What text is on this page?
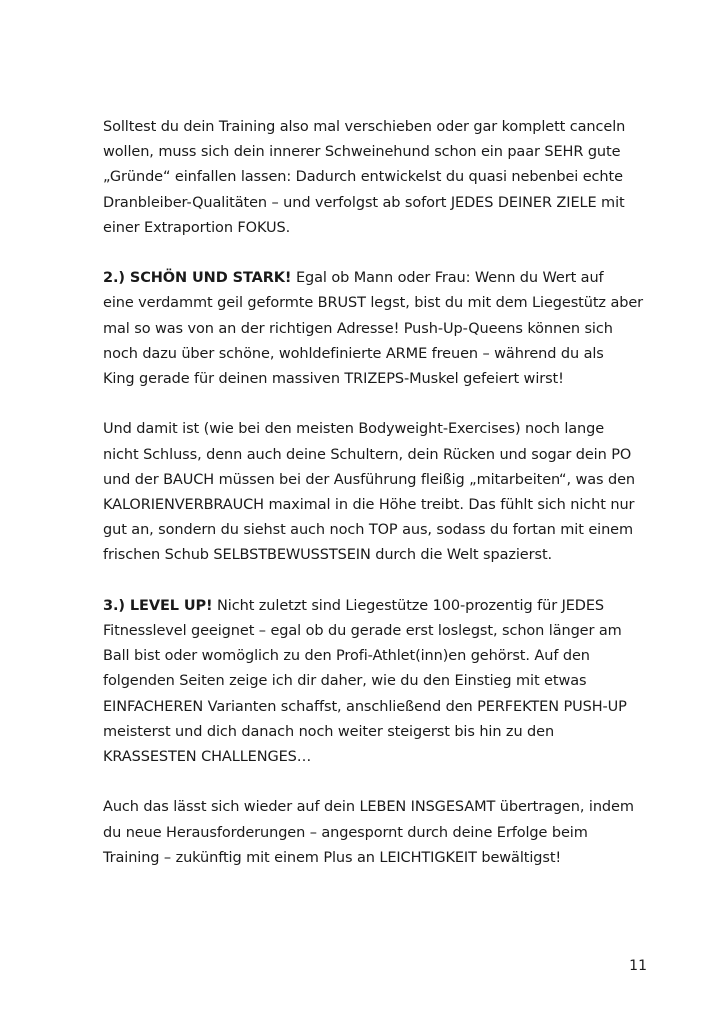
Solltest du dein Training also mal verschieben oder gar komplett canceln
wollen, muss sich dein innerer Schweinehund schon ein paar SEHR gute
„Gründe“ einfallen lassen: Dadurch entwickelst du quasi nebenbei echte
Dranbleiber-Qualitäten – und verfolgst ab sofort JEDES DEINER ZIELE mit
einer Extraportion FOKUS.

2.) SCHÖN UND STARK! Egal ob Mann oder Frau: Wenn du Wert auf
eine verdammt geil geformte BRUST legst, bist du mit dem Liegestütz aber
mal so was von an der richtigen Adresse! Push-Up-Queens können sich
noch dazu über schöne, wohldefinierte ARME freuen – während du als
King gerade für deinen massiven TRIZEPS-Muskel gefeiert wirst!

Und damit ist (wie bei den meisten Bodyweight-Exercises) noch lange
nicht Schluss, denn auch deine Schultern, dein Rücken und sogar dein PO
und der BAUCH müssen bei der Ausführung fleißig „mitarbeiten“, was den
KALORIENVERBRAUCH maximal in die Höhe treibt. Das fühlt sich nicht nur
gut an, sondern du siehst auch noch TOP aus, sodass du fortan mit einem
frischen Schub SELBSTBEWUSSTSEIN durch die Welt spazierst.

3.) LEVEL UP! Nicht zuletzt sind Liegestütze 100-prozentig für JEDES
Fitnesslevel geeignet – egal ob du gerade erst loslegst, schon länger am
Ball bist oder womöglich zu den Profi-Athlet(inn)en gehörst. Auf den
folgenden Seiten zeige ich dir daher, wie du den Einstieg mit etwas
EINFACHEREN Varianten schaffst, anschließend den PERFEKTEN PUSH-UP
meisterst und dich danach noch weiter steigerst bis hin zu den
KRASSESTEN CHALLENGES…

Auch das lässt sich wieder auf dein LEBEN INSGESAMT übertragen, indem
du neue Herausforderungen – angespornt durch deine Erfolge beim
Training – zukünftig mit einem Plus an LEICHTIGKEIT bewältigst!

11
